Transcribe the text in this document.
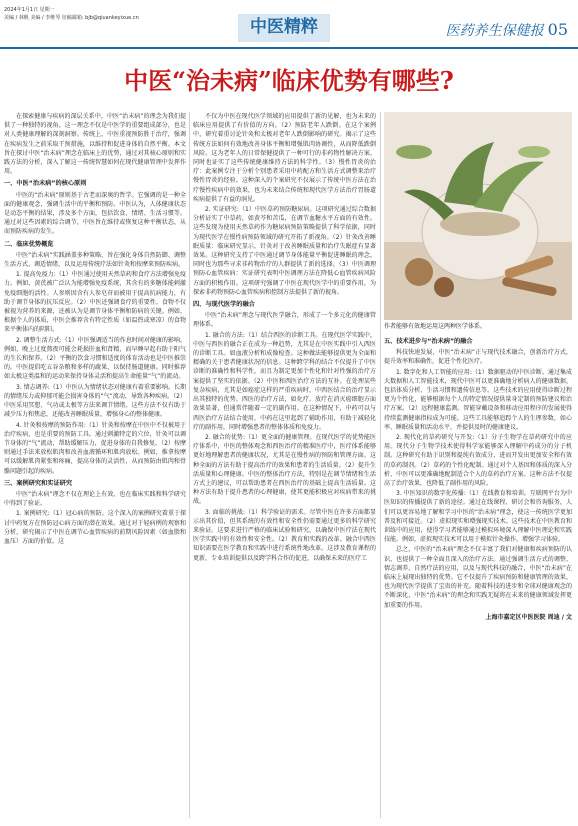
2024年1月1日 星期一
美编 / 林帆 美编 / 李维琴 征稿邮箱: bjb@qiuankeyixue.cn	中医精粹	医药养生保健报 05
中医“治未病”临床优势有哪些?

在探索健康与疾病的深层关系中，中医“治未病”的理念为我们提供了一种独特的视角。这一理念不仅是中医学的重要组成部分，也是对人类健康理解的深刻洞察。传统上，中医重视预防胜于治疗，强调在疾病发生之前采取干预措施，以维持和促进身体的自然平衡。本文旨在探讨中医“治未病”理念在临床上的优势，通过对其核心原则和实践方法的分析，深入了解这一传统智慧如何在现代健康管理中发挥作用。

一、中医“治未病”的核心原则

中医的“治未病”原则基于古老而深奥的哲学。它强调的是一种全面的健康观念，强调生活中的平衡和预防。中医认为，人体健康状态是动态平衡的结果，涉及多个方面，包括饮食、情绪、生活习惯等。通过对这些因素的综合调节，中医旨在维持或恢复这种平衡状态，从而预防疾病的发生。

二、临床优势概览

中医“治未病”实践涵盖多种策略，旨在强化身体自然防御、调整生活方式、调适情绪，以及运用传统疗法如针灸和按摩来预防疾病。

1. 提高免疫力:（1）中医通过使用天然草药和食疗方法增强免疫力。例如，黄芪被广泛认为能增强免疫系统，其含有的多糖体能刺激免疫细胞的活性。人参则因含有人参皂苷而被用于提高抗病能力，有助于调节身体的抗压反应。（2）中医还强调食疗的重要性。食物不仅被视为营养的来源，还被认为是调节身体平衡和防病的关键。例如，根据个人的体质，中医会推荐含有特定性质（如温热或寒凉）的食物来平衡体内的阴阳。

2. 调整生活方式:（1）中医强调适当的作息时间对健康的影响。例如，晚上过度熬夜可能会耗损肝血和肾精，而早睡早起有助于阳气的生长和保养。（2）平衡的饮食习惯和适度的体育活动也是中医推崇的。中医提倡吃五谷杂粮和多样的蔬果，以保持肠道健康。同时推荐如太极这类温和的运动来保持身体灵活和提高生命能量“气”的流动。

3. 情志调养:（1）中医认为情绪状态对健康有着重要影响。长期的情绪压力或抑郁可能会损害身体的“气”流动，导致各种疾病。（2）中医采用冥想、气功或太极等方法来调节情绪。这些方法不仅有助于减少压力和焦虑，还能改善睡眠质量，增强身心的整体健康。

4. 针灸和按摩的预防作用:（1）针灸和按摩在中医中不仅被用于治疗疾病，也是重要的预防工具。通过刺激特定的穴位，针灸可以调节身体的“气”流动，帮助缓解压力，促进身体的自我修复。（2）按摩则通过手法来放松肌肉和改善血液循环和肌肉放松。例如，推拿按摩可以缓解肌肉紧张和疼痛，提高身体的灵活性，从而预防由肌肉和骨骼问题引起的疾病。

三、案例研究和实证研究

中医“治未病”理念不仅在理论上有效，也在临床实践和科学研究中得到了验证。

1. 案例研究:（1）冠心病的预防。这个深入的案例研究着重于探讨中药复方在预防冠心病方面的潜在效果。通过对于轻病例的观察和分析，研究揭示了中医在调节心血管疾病的前期风险因素（如血脂和血压）方面的价值。这

不仅为中医在现代医学领域的应用提供了新的见解，也为未来的临床应用提供了有价值的方向。（2）预防老年人跌倒。在这个案例中，研究着重讨论针灸和太极对老年人跌倒影响的研究。揭示了这些传统方法如何有效地改善身体平衡和增强肌肉协调性，从而降低跌倒风险。这为老年人的日常保健提供了一种可行的非药物性解决方案，同时也证实了这些传统健康维持方法的科学性。（3）慢性胃炎的治疗：此案例专注于分析个别患者采用中药配方和生活方式调整来治疗慢性胃炎的经验。这种深入的个案研究不仅展示了传统中医方法在治疗慢性疾病中的效果，也为未来结合传统和现代医学方法治疗胃肠道疾病提供了有益的洞见。

2. 实证研究:（1）中医草药预防糖尿病。这项研究通过综合数据分析证实了中草药，如黄芩和苦瓜，在调节血糖水平方面的有效性。这些发现为使用天然草药作为糖尿病预防策略提供了科学依据，同时为现代医学在慢性病预防领域的研究开拓了新视角。（2）针灸改善睡眠质量：临床研究显示，针灸对于改善睡眠质量和治疗失眠症有显著效果。这种研究支持了中医通过调节身体能量平衡促进睡眠的理念，同时也为那些寻求非药物治疗的人群提供了新的选择。（3）中医调理预防心血管疾病：实证研究表明中医调理方法在降低心血管疾病风险方面的积极作用。这项研究强调了中医在现代医学中的重要作用，为探索非药物预防心血管疾病和控制方法提供了新的视角。

四、与现代医学的融合

中医“治未病”理念与现代医学融合，形成了一个多元化的健康管理体系。

1. 融合的方法:（1）结合西医的诊断工具。在现代医学实践中，中医与西医的融合正在成为一种趋势，尤其是在中医实践中引入西医的诊断工具。如血液分析和成像检查。这种做法能够提供更为全面和精确的关于患者健康状况的信息。这种跨学科的结合不仅提升了中医诊断的准确性和科学性，而且为制定更加个性化和针对性强的治疗方案提供了坚实的依据。（2）中医和西医治疗方法的互补。在处理某些复杂疾病，尤其是如癌症这样的严重疾病时，中西医结合的治疗显示出其独特的优势。西医的治疗方法，如化疗、放疗在消灭癌细胞方面效果显著，但通常伴随着一定的副作用。在这种情况下，中药可以与西医治疗方法结合使用，中药在这里起到了辅助作用，有助于减轻化疗的副作用，同时增强患者的整体体质和免疫力。

2. 融合的优势:（1）更全面的健康管理。在现代医学的优势能医疗体系中，中医的整体观念和西医治疗的精准医疗中，医疗体系能够更好地理解患者的健康状况，尤其是在慢性病的预防和管理方面。这种全面的方法有助于提高治疗的效果和患者的生活质量。（2）提升生活质量和心理健康。中医的整体治疗方法，特别是在调节情绪和生活方式上的建议，可以帮助患者在西医治疗的基础上提高生活质量。这种方法有助于提升患者的心理健康，使其更能积极应对疾病带来的挑战。

3. 面临的挑战:（1）科学验证的需求。尽管中医在许多方面都显示出其价值，但其系统的有效性和安全性仍需要通过更多的科学研究来验证。这要求进行严格的临床试验和研究，以确保中医疗法在现代医学实践中的有效性和安全性。（2）教育和实践的改革。融合中西医知识需要在医学教育和实践中进行系统性地改革。这涉及教育课程的更新，专业培训提供以及跨学科合作的促进，以确保未来的医疗工

作者能够有效地运用这两种医学体系。
五、技术进步与“治未病”的融合

科技快速发展，中医“治未病”正与现代技术融合，创新治疗方式，提升效率和准确性，促进个性化医疗。

1. 数字化和人工智能的应用:（1）数据驱动的中医诊断。通过集成大数据和人工智能技术，现代中医可以更准确地分析病人的健康数据，包括体质分析、生活习惯和遗传信息等。这些技术的应用使得诊断过程更为个性化，能够根据每个人的特定情况提供量身定制的预防建议和治疗方案。（2）远程健康监测。智能穿戴设备和移动应用程序的发展使得持续监测健康指标成为可能。这些工具能够追踪个人的生理参数，如心率、睡眠质量和活动水平，并提供及时的健康建议。

2. 现代化的草药研究与开发:（1）分子生物学在草药研究中的应用。现代分子生物学技术使得科学家能够深入理解中药成分的分子机制。这种研究有助于识别和提纯有效成分，进而开发出更加安全和有效的草药制剂。（2）草药的个性化配制。通过对个人基因和体质的深入分析，中医可以更准确地配制适合个人的草药治疗方案。这种方法不仅提高了治疗效果，也降低了副作用的风险。

3. 中医知识的数字化传播:（1）在线教育和培训。互联网平台为中医知识的传播提供了新的途径。通过在线课程、研讨会和咨询服务，人们可以更容易地了解和学习中医的“治未病”理念，使这一传统医学更加普及和可接近。（2）虚拟现实和增强现实技术。这些技术在中医教育和训练中的应用，使得学习者能够通过模拟环境深入理解中医理论和实践技能。例如，虚拟现实技术可以用于模拟针灸操作，增强学习体验。

总之，中医的“治未病”理念不仅丰富了我们对健康和疾病预防的认识，也提供了一种全面且深入的治疗方法。通过强调生活方式的调整、情志调养、自然疗法的应用，以及与现代科技的融合，中医“治未病”在临床上展现出独特的优势。它不仅提升了疾病预防和健康管理的效果，也为现代医学提供了宝贵的补充。随着科技的进步和全球对健康观念的不断深化，中医“治未病”的理念和实践无疑将在未来的健康领域发挥更加重要的作用。

上海市嘉定区中医医院 周迪 / 文
